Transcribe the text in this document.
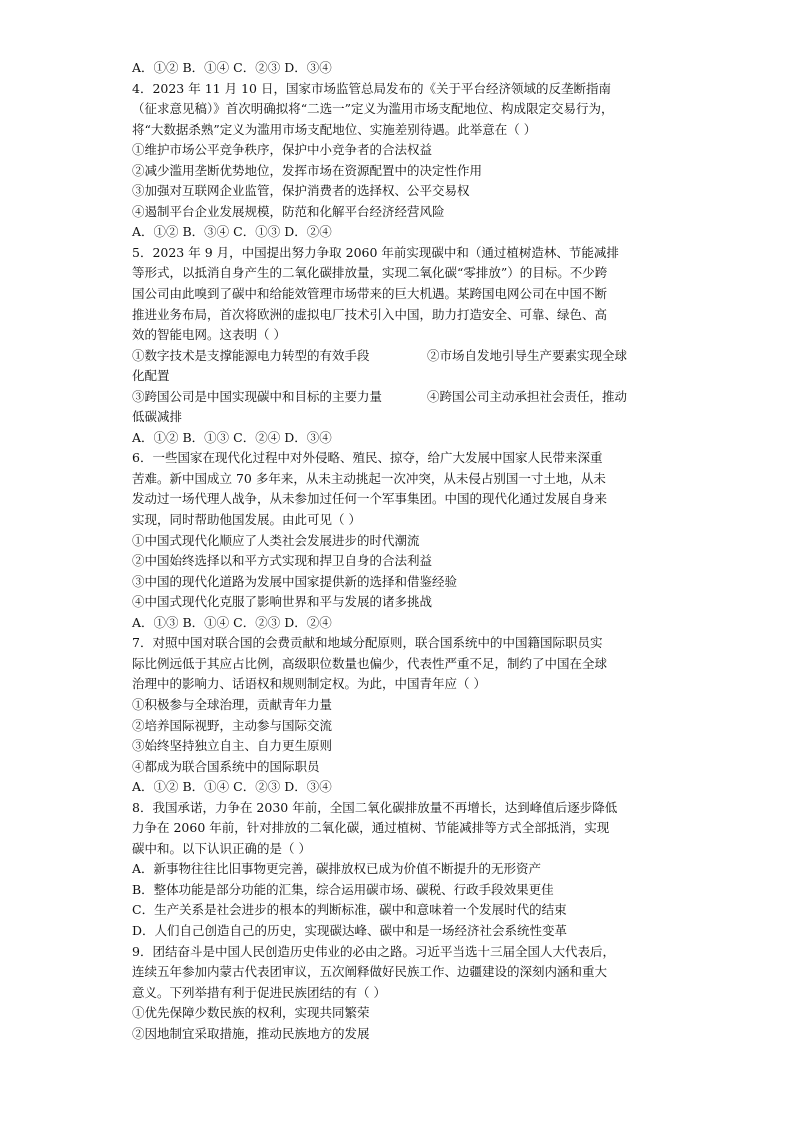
A．①② B．①④ C．②③ D．③④
4．2023 年 11 月 10 日，国家市场监管总局发布的《关于平台经济领域的反垄断指南
（征求意见稿）》首次明确拟将“二选一”定义为滥用市场支配地位、构成限定交易行为，
将“大数据杀熟”定义为滥用市场支配地位、实施差别待遇。此举意在（ ）
①维护市场公平竞争秩序，保护中小竞争者的合法权益
②减少滥用垄断优势地位，发挥市场在资源配置中的决定性作用
③加强对互联网企业监管，保护消费者的选择权、公平交易权
④遏制平台企业发展规模，防范和化解平台经济经营风险
A．①② B．③④ C．①③ D．②④
5．2023 年 9 月，中国提出努力争取 2060 年前实现碳中和（通过植树造林、节能减排
等形式，以抵消自身产生的二氧化碳排放量，实现二氧化碳“零排放”）的目标。不少跨
国公司由此嗅到了碳中和给能效管理市场带来的巨大机遇。某跨国电网公司在中国不断
推进业务布局，首次将欧洲的虚拟电厂技术引入中国，助力打造安全、可靠、绿色、高
效的智能电网。这表明（ ）
①数字技术是支撑能源电力转型的有效手段	②市场自发地引导生产要素实现全球
化配置
③跨国公司是中国实现碳中和目标的主要力量	④跨国公司主动承担社会责任，推动
低碳减排
A．①② B．①③ C．②④ D．③④
6．一些国家在现代化过程中对外侵略、殖民、掠夺，给广大发展中国家人民带来深重
苦难。新中国成立 70 多年来，从未主动挑起一次冲突，从未侵占别国一寸土地，从未
发动过一场代理人战争，从未参加过任何一个军事集团。中国的现代化通过发展自身来
实现，同时帮助他国发展。由此可见（ ）
①中国式现代化顺应了人类社会发展进步的时代潮流
②中国始终选择以和平方式实现和捍卫自身的合法利益
③中国的现代化道路为发展中国家提供新的选择和借鉴经验
④中国式现代化克服了影响世界和平与发展的诸多挑战
A．①③ B．①④ C．②③ D．②④
7．对照中国对联合国的会费贡献和地域分配原则，联合国系统中的中国籍国际职员实
际比例远低于其应占比例，高级职位数量也偏少，代表性严重不足，制约了中国在全球
治理中的影响力、话语权和规则制定权。为此，中国青年应（ ）
①积极参与全球治理，贡献青年力量
②培养国际视野，主动参与国际交流
③始终坚持独立自主、自力更生原则
④都成为联合国系统中的国际职员
A．①② B．①④ C．②③ D．③④
8．我国承诺，力争在 2030 年前，全国二氧化碳排放量不再增长，达到峰值后逐步降低
力争在 2060 年前，针对排放的二氧化碳，通过植树、节能减排等方式全部抵消，实现
碳中和。以下认识正确的是（ ）
A．新事物往往比旧事物更完善，碳排放权已成为价值不断提升的无形资产
B．整体功能是部分功能的汇集，综合运用碳市场、碳税、行政手段效果更佳
C．生产关系是社会进步的根本的判断标准，碳中和意味着一个发展时代的结束
D．人们自己创造自己的历史，实现碳达峰、碳中和是一场经济社会系统性变革
9．团结奋斗是中国人民创造历史伟业的必由之路。习近平当选十三届全国人大代表后，
连续五年参加内蒙古代表团审议，五次阐释做好民族工作、边疆建设的深刻内涵和重大
意义。下列举措有利于促进民族团结的有（ ）
①优先保障少数民族的权利，实现共同繁荣
②因地制宜采取措施，推动民族地方的发展
